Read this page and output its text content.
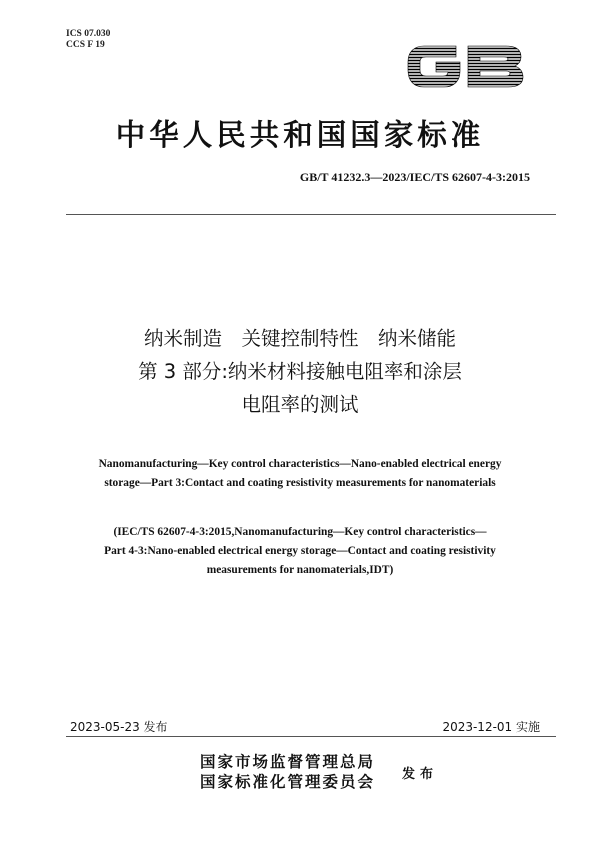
ICS 07.030
CCS F 19
中华人民共和国国家标准
GB/T 41232.3—2023/IEC/TS 62607-4-3:2015
纳米制造　关键控制特性　纳米储能
第 3 部分:纳米材料接触电阻率和涂层
电阻率的测试
Nanomanufacturing—Key control characteristics—Nano-enabled electrical energy
storage—Part 3:Contact and coating resistivity measurements for nanomaterials
(IEC/TS 62607-4-3:2015,Nanomanufacturing—Key control characteristics—
Part 4-3:Nano-enabled electrical energy storage—Contact and coating resistivity
measurements for nanomaterials,IDT)
2023-05-23 发布	2023-12-01 实施
国家市场监督管理总局
国家标准化管理委员会 发布
